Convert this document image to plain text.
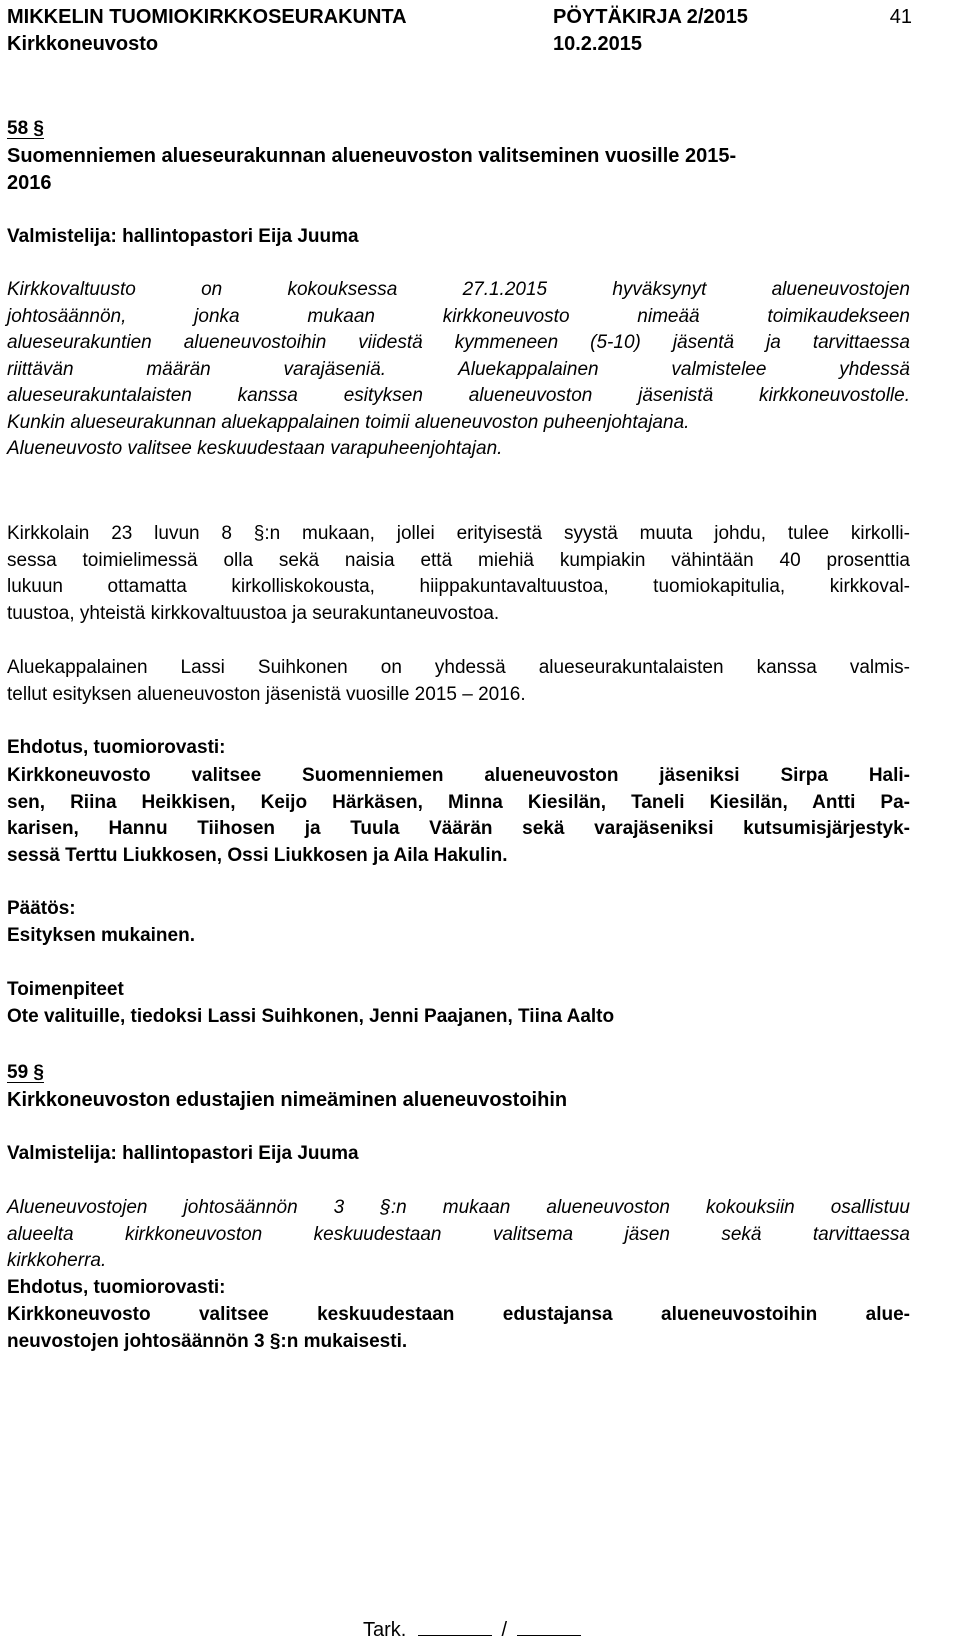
MIKKELIN TUOMIOKIRKKOSEURAKUNTA	PÖYTÄKIRJA 2/2015	41
Kirkkoneuvosto	10.2.2015
58 §
Suomenniemen alueseurakunnan alueneuvoston valitseminen vuosille 2015-
2016
Valmistelija: hallintopastori Eija Juuma
Kirkkovaltuusto on kokouksessa 27.1.2015 hyväksynyt alueneuvostojen
johtosäännön, jonka mukaan kirkkoneuvosto nimeää toimikaudekseen
alueseurakuntien alueneuvostoihin viidestä kymmeneen (5-10) jäsentä ja tarvittaessa
riittävän määrän varajäseniä. Aluekappalainen valmistelee yhdessä
alueseurakuntalaisten kanssa esityksen alueneuvoston jäsenistä kirkkoneuvostolle.
Kunkin alueseurakunnan aluekappalainen toimii alueneuvoston puheenjohtajana.
Alueneuvosto valitsee keskuudestaan varapuheenjohtajan.
Kirkkolain 23 luvun 8 §:n mukaan, jollei erityisestä syystä muuta johdu, tulee kirkolli-
sessa toimielimessä olla sekä naisia että miehiä kumpiakin vähintään 40 prosenttia
lukuun ottamatta kirkolliskokousta, hiippakuntavaltuustoa, tuomiokapitulia, kirkkoval-
tuustoa, yhteistä kirkkovaltuustoa ja seurakuntaneuvostoa.
Aluekappalainen Lassi Suihkonen on yhdessä alueseurakuntalaisten kanssa valmis-
tellut esityksen alueneuvoston jäsenistä vuosille 2015 – 2016.
Ehdotus, tuomiorovasti:
Kirkkoneuvosto valitsee Suomenniemen alueneuvoston jäseniksi Sirpa Hali-
sen, Riina Heikkisen, Keijo Härkäsen, Minna Kiesilän, Taneli Kiesilän, Antti Pa-
karisen, Hannu Tiihosen ja Tuula Väärän sekä varajäseniksi kutsumisjärjestyk-
sessä Terttu Liukkosen, Ossi Liukkosen ja Aila Hakulin.
Päätös:
Esityksen mukainen.
Toimenpiteet
Ote valituille, tiedoksi Lassi Suihkonen, Jenni Paajanen, Tiina Aalto
59 §
Kirkkoneuvoston edustajien nimeäminen alueneuvostoihin
Valmistelija: hallintopastori Eija Juuma
Alueneuvostojen johtosäännön 3 §:n mukaan alueneuvoston kokouksiin osallistuu
alueelta kirkkoneuvoston keskuudestaan valitsema jäsen sekä tarvittaessa
kirkkoherra.
Ehdotus, tuomiorovasti:
Kirkkoneuvosto valitsee keskuudestaan edustajansa alueneuvostoihin alue-
neuvostojen johtosäännön 3 §:n mukaisesti.
Tark.	/
